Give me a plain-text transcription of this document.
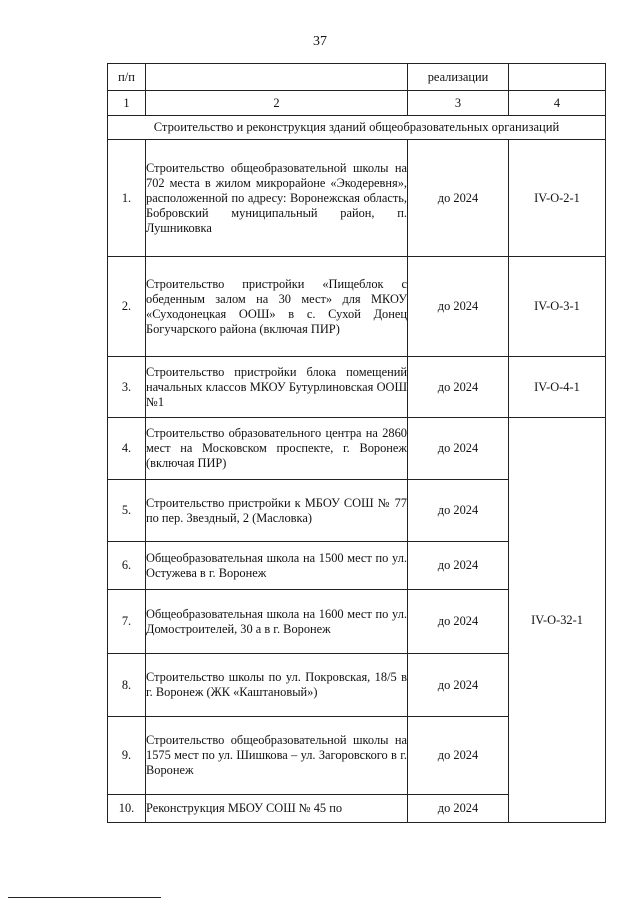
37
п/п		реализации	
1	2	3	4
Строительство и реконструкция зданий общеобразовательных организаций			
1.	Строительство общеобразовательной школы на 702 места в жилом микрорайоне «Экодеревня», расположенной по адресу: Воронежская область, Бобровский муниципальный район, п. Лушниковка	до 2024	IV-О-2-1
2.	Строительство пристройки «Пищеблок с обеденным залом на 30 мест» для МКОУ «Суходонецкая ООШ» в с. Сухой Донец Богучарского района (включая ПИР)	до 2024	IV-О-3-1
3.	Строительство пристройки блока помещений начальных классов МКОУ Бутурлиновская ООШ №1	до 2024	IV-О-4-1
4.	Строительство образовательного центра на 2860 мест на Московском проспекте, г. Воронеж (включая ПИР)	до 2024	IV-О-32-1
5.	Строительство пристройки к МБОУ СОШ № 77 по пер. Звездный, 2 (Масловка)	до 2024	
6.	Общеобразовательная школа на 1500 мест по ул. Остужева в г. Воронеж	до 2024	
7.	Общеобразовательная школа на 1600 мест по ул. Домостроителей, 30 а в г. Воронеж	до 2024	
8.	Строительство школы по ул. Покровская, 18/5 в г. Воронеж (ЖК «Каштановый»)	до 2024	
9.	Строительство общеобразовательной школы на 1575 мест по ул. Шишкова – ул. Загоровского в г. Воронеж	до 2024	
10.	Реконструкция МБОУ СОШ № 45 по	до 2024	
